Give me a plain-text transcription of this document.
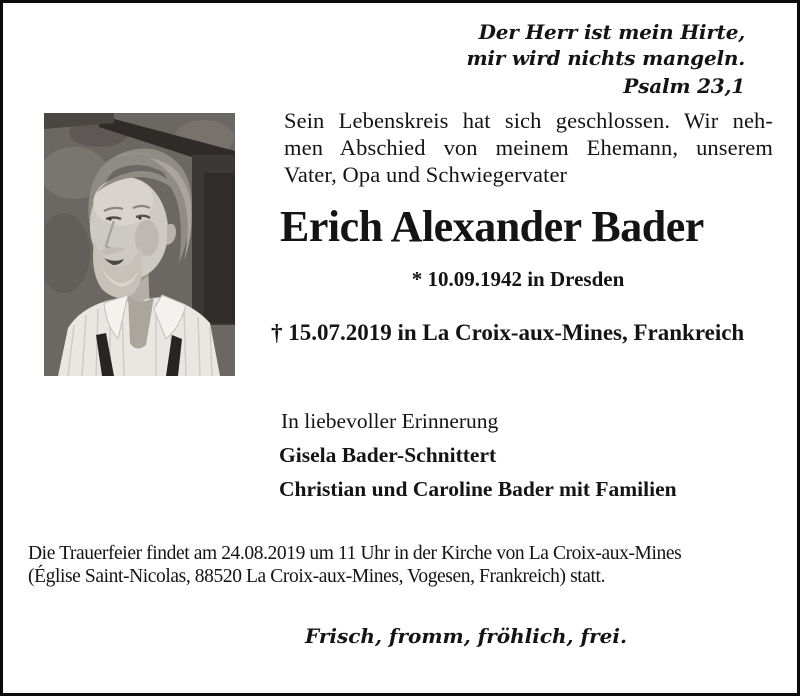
Der Herr ist mein Hirte,
mir wird nichts mangeln.
Psalm 23,1
Sein Lebenskreis hat sich geschlossen. Wir neh-
men Abschied von meinem Ehemann, unserem
Vater, Opa und Schwiegervater
Erich Alexander Bader
* 10.09.1942 in Dresden
† 15.07.2019 in La Croix-aux-Mines, Frankreich
In liebevoller Erinnerung
Gisela Bader-Schnittert
Christian und Caroline Bader mit Familien
Die Trauerfeier findet am 24.08.2019 um 11 Uhr in der Kirche von La Croix-aux-Mines
(Église Saint-Nicolas, 88520 La Croix-aux-Mines, Vogesen, Frankreich) statt.
Frisch, fromm, fröhlich, frei.
